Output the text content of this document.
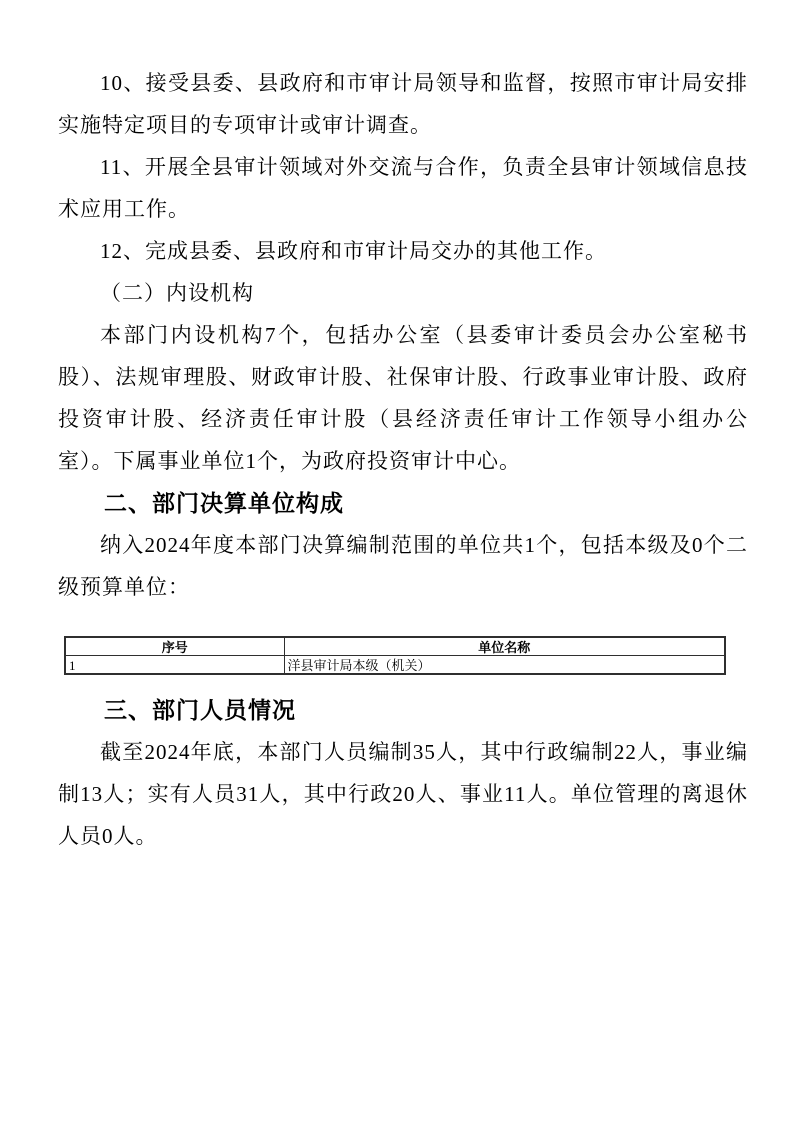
10、接受县委、县政府和市审计局领导和监督，按照市审计局安排
实施特定项目的专项审计或审计调查。
11、开展全县审计领域对外交流与合作，负责全县审计领域信息技
术应用工作。
12、完成县委、县政府和市审计局交办的其他工作。
（二）内设机构
本部门内设机构7个，包括办公室（县委审计委员会办公室秘书
股）、法规审理股、财政审计股、社保审计股、行政事业审计股、政府
投资审计股、经济责任审计股（县经济责任审计工作领导小组办公
室）。下属事业单位1个，为政府投资审计中心。
二、部门决算单位构成
纳入2024年度本部门决算编制范围的单位共1个，包括本级及0个二
级预算单位：
序号	单位名称
1	洋县审计局本级（机关）
三、部门人员情况
截至2024年底，本部门人员编制35人，其中行政编制22人，事业编
制13人；实有人员31人，其中行政20人、事业11人。单位管理的离退休
人员0人。
